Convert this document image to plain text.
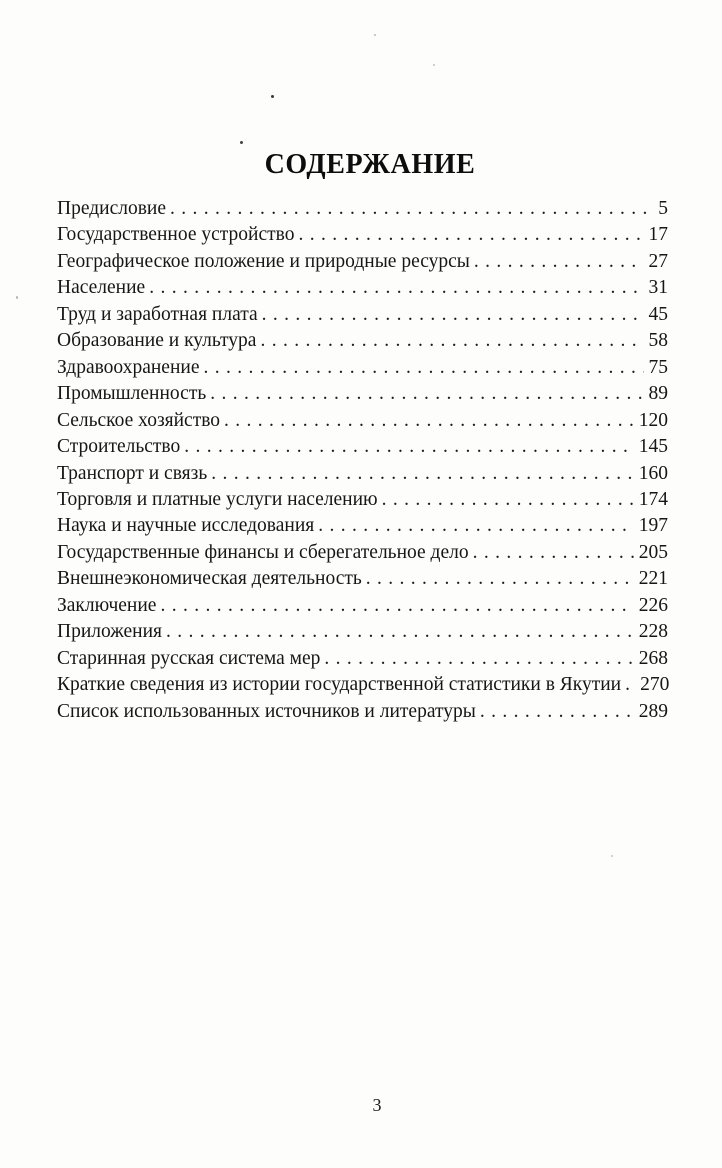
СОДЕРЖАНИЕ
Предисловие . . .	5
Государственное устройство . . .	17
Географическое положение и природные ресурсы . . .	27
Население . . .	31
Труд и заработная плата . . .	45
Образование и культура . . .	58
Здравоохранение . . .	75
Промышленность . . .	89
Сельское хозяйство . . .	120
Строительство . . .	145
Транспорт и связь . . .	160
Торговля и платные услуги населению . . .	174
Наука и научные исследования . . .	197
Государственные финансы и сберегательное дело . . .	205
Внешнеэкономическая деятельность . . .	221
Заключение . . .	226
Приложения . . .	228
Старинная русская система мер . . .	268
Краткие сведения из истории государственной статистики в Якутии . . . 270
Список использованных источников и литературы . . .	289
3
